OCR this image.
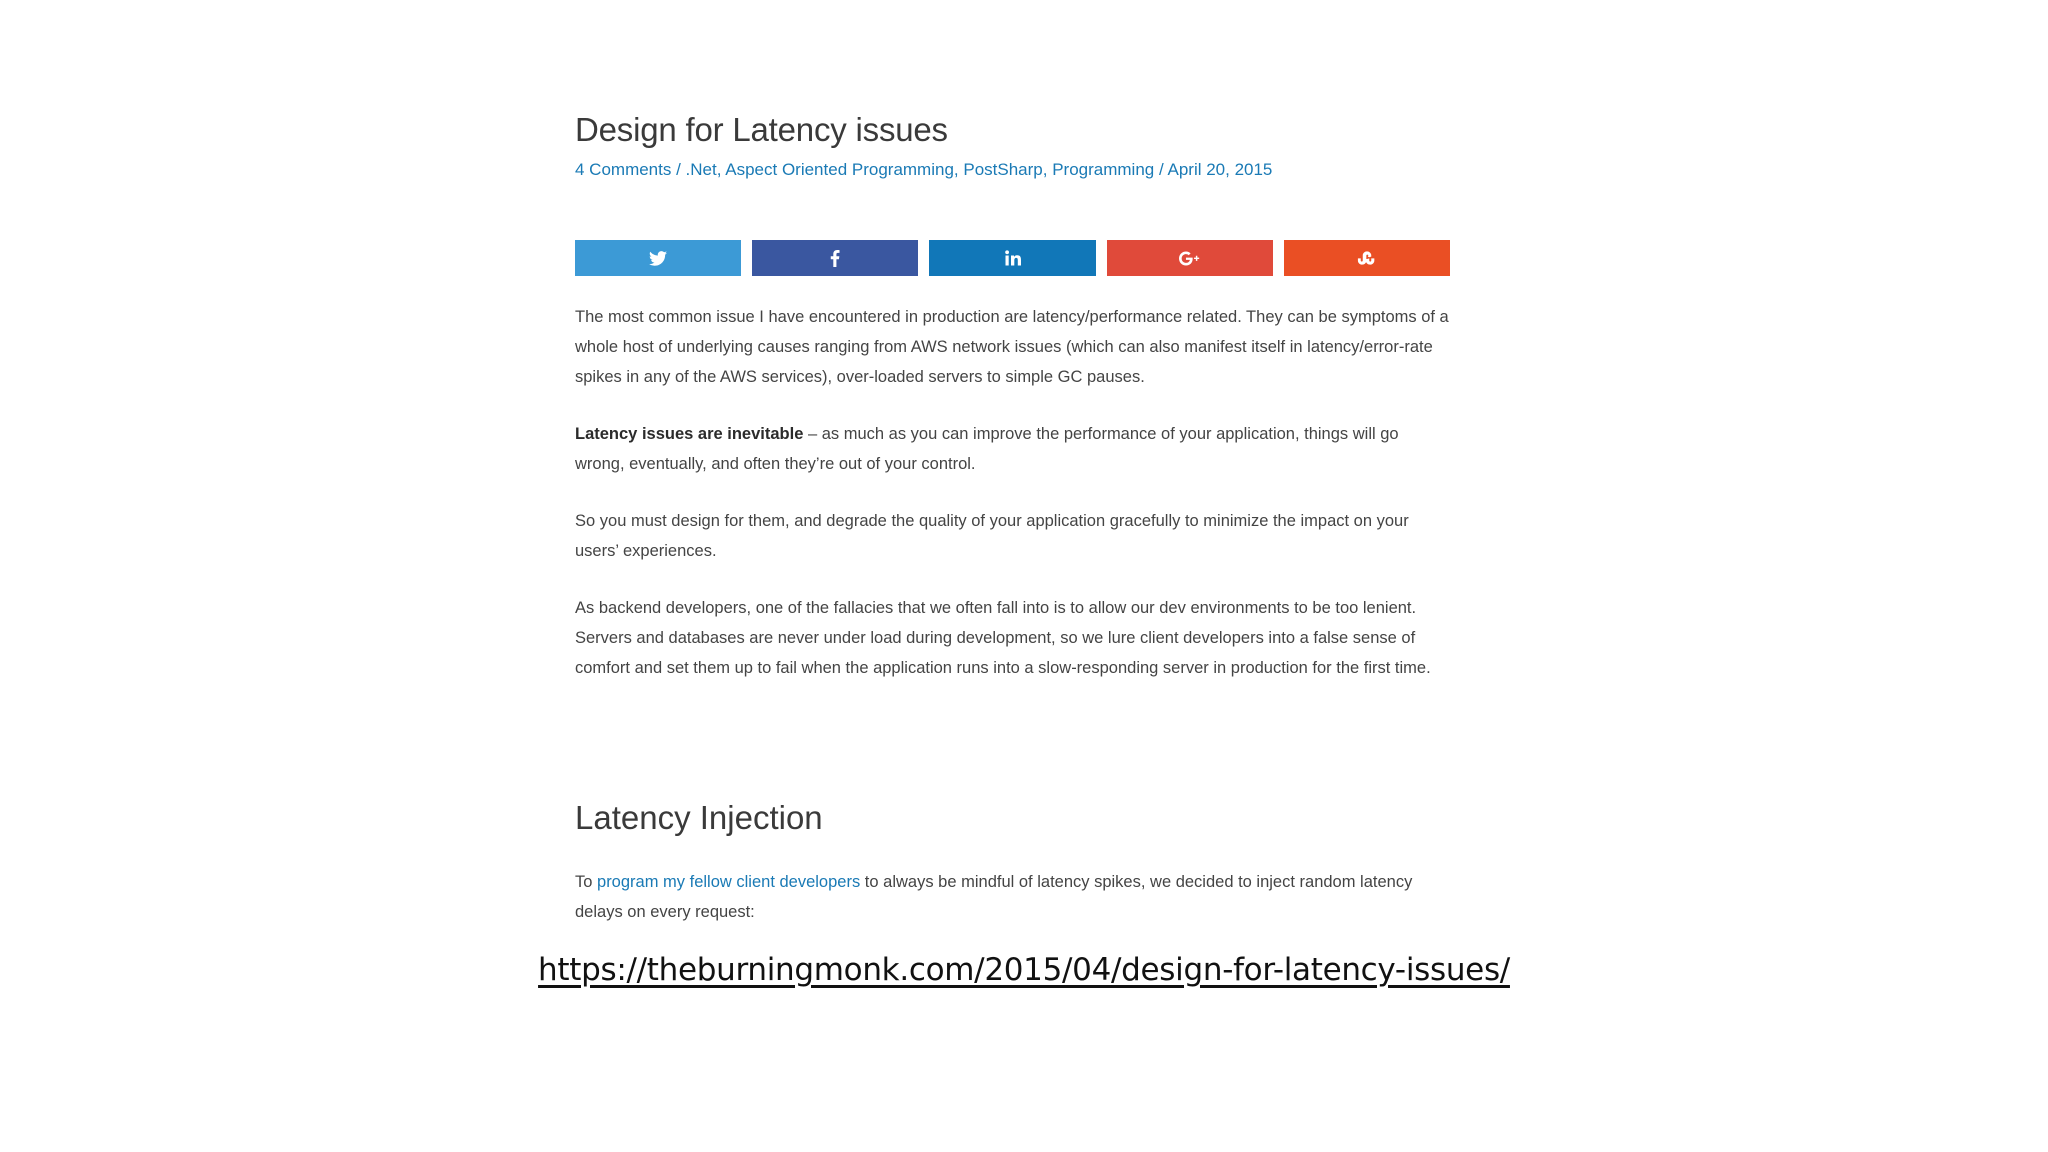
Design for Latency issues
4 Comments / .Net, Aspect Oriented Programming, PostSharp, Programming / April 20, 2015

The most common issue I have encountered in production are latency/performance related. They can be symptoms of a whole host of underlying causes ranging from AWS network issues (which can also manifest itself in latency/error-rate spikes in any of the AWS services), over-loaded servers to simple GC pauses.

Latency issues are inevitable – as much as you can improve the performance of your application, things will go wrong, eventually, and often they’re out of your control.

So you must design for them, and degrade the quality of your application gracefully to minimize the impact on your users’ experiences.

As backend developers, one of the fallacies that we often fall into is to allow our dev environments to be too lenient. Servers and databases are never under load during development, so we lure client developers into a false sense of comfort and set them up to fail when the application runs into a slow-responding server in production for the first time.

Latency Injection

To program my fellow client developers to always be mindful of latency spikes, we decided to inject random latency delays on every request:

https://theburningmonk.com/2015/04/design-for-latency-issues/
